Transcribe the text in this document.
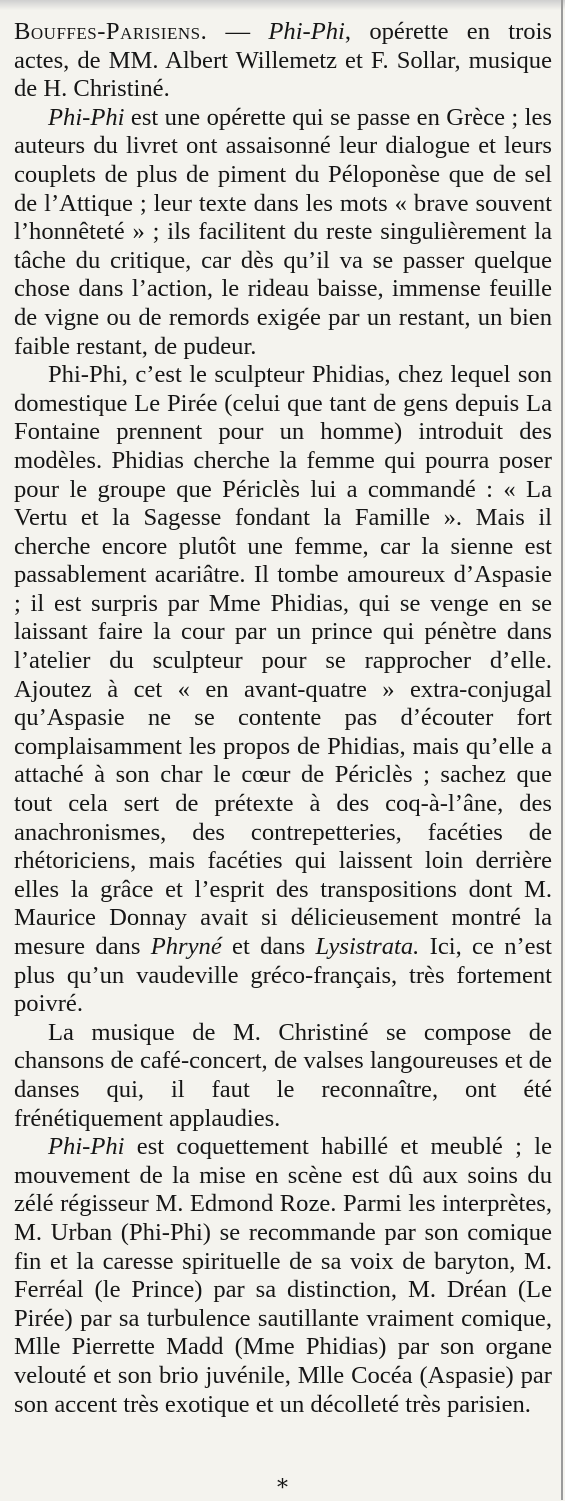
Bouffes-Parisiens. — Phi-Phi, opérette en trois actes, de MM. Albert Willemetz et F. Sollar, musique de H. Christiné.

Phi-Phi est une opérette qui se passe en Grèce ; les auteurs du livret ont assaisonné leur dialogue et leurs couplets de plus de piment du Péloponèse que de sel de l’Attique ; leur texte dans les mots « brave souvent l’honnêteté » ; ils facilitent du reste singulièrement la tâche du critique, car dès qu’il va se passer quelque chose dans l’action, le rideau baisse, immense feuille de vigne ou de remords exigée par un restant, un bien faible restant, de pudeur.

Phi-Phi, c’est le sculpteur Phidias, chez lequel son domestique Le Pirée (celui que tant de gens depuis La Fontaine prennent pour un homme) introduit des modèles. Phidias cherche la femme qui pourra poser pour le groupe que Périclès lui a commandé : « La Vertu et la Sagesse fondant la Famille ». Mais il cherche encore plutôt une femme, car la sienne est passablement acariâtre. Il tombe amoureux d’Aspasie ; il est surpris par Mme Phidias, qui se venge en se laissant faire la cour par un prince qui pénètre dans l’atelier du sculpteur pour se rapprocher d’elle. Ajoutez à cet « en avant-quatre » extra-conjugal qu’Aspasie ne se contente pas d’écouter fort complaisamment les propos de Phidias, mais qu’elle a attaché à son char le cœur de Périclès ; sachez que tout cela sert de prétexte à des coq-à-l’âne, des anachronismes, des contrepetteries, facéties de rhétoriciens, mais facéties qui laissent loin derrière elles la grâce et l’esprit des transpositions dont M. Maurice Donnay avait si délicieusement montré la mesure dans Phryné et dans Lysistrata. Ici, ce n’est plus qu’un vaudeville gréco-français, très fortement poivré.

La musique de M. Christiné se compose de chansons de café-concert, de valses langoureuses et de danses qui, il faut le reconnaître, ont été frénétiquement applaudies.

Phi-Phi est coquettement habillé et meublé ; le mouvement de la mise en scène est dû aux soins du zélé régisseur M. Edmond Roze. Parmi les interprètes, M. Urban (Phi-Phi) se recommande par son comique fin et la caresse spirituelle de sa voix de baryton, M. Ferréal (le Prince) par sa distinction, M. Dréan (Le Pirée) par sa turbulence sautillante vraiment comique, Mlle Pierrette Madd (Mme Phidias) par son organe velouté et son brio juvénile, Mlle Cocéa (Aspasie) par son accent très exotique et un décolleté très parisien.

*
